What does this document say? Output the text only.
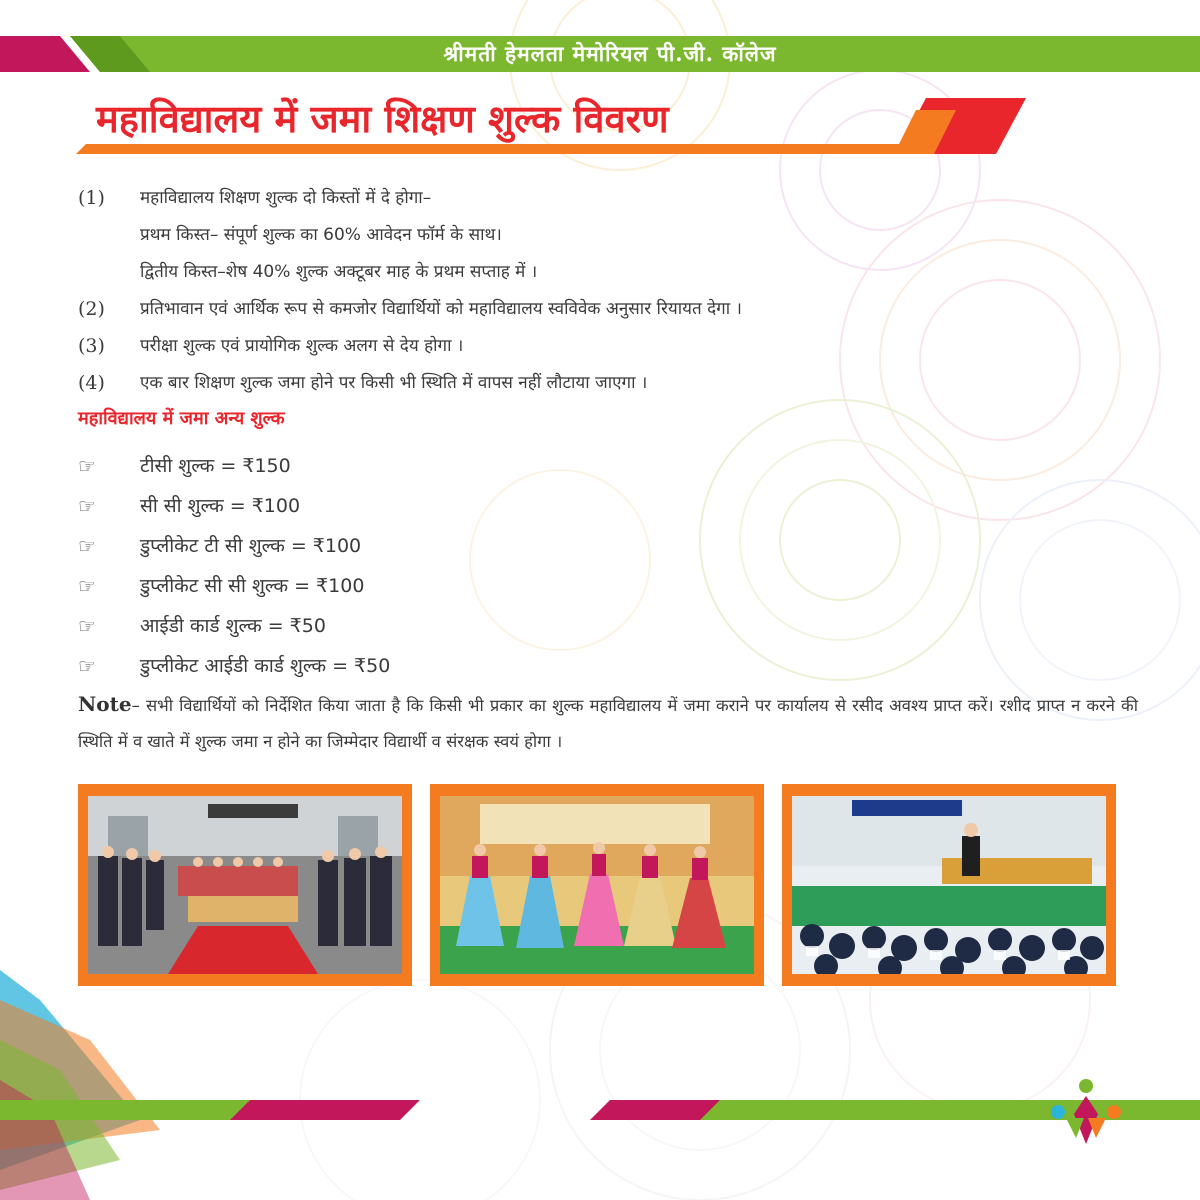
श्रीमती हेमलता मेमोरियल पी.जी. कॉलेज
महाविद्यालय में जमा शिक्षण शुल्क विवरण
(1)	महाविद्यालय शिक्षण शुल्क दो किस्तों में दे होगा–
प्रथम किस्त– संपूर्ण शुल्क का 60% आवेदन फॉर्म के साथ।
द्वितीय किस्त–शेष 40% शुल्क अक्टूबर माह के प्रथम सप्ताह में ।
(2)	प्रतिभावान एवं आर्थिक रूप से कमजोर विद्यार्थियों को महाविद्यालय स्वविवेक अनुसार रियायत देगा ।
(3)	परीक्षा शुल्क एवं प्रायोगिक शुल्क अलग से देय होगा ।
(4)	एक बार शिक्षण शुल्क जमा होने पर किसी भी स्थिति में वापस नहीं लौटाया जाएगा ।
महाविद्यालय में जमा अन्य शुल्क
☞ टीसी शुल्क = ₹150
☞ सी सी शुल्क = ₹100
☞ डुप्लीकेट टी सी शुल्क = ₹100
☞ डुप्लीकेट सी सी शुल्क = ₹100
☞ आईडी कार्ड शुल्क = ₹50
☞ डुप्लीकेट आईडी कार्ड शुल्क = ₹50
Note– सभी विद्यार्थियों को निर्देशित किया जाता है कि किसी भी प्रकार का शुल्क महाविद्यालय में जमा कराने पर कार्यालय से रसीद अवश्य प्राप्त करें। रशीद प्राप्त न करने की स्थिति में व खाते में शुल्क जमा न होने का जिम्मेदार विद्यार्थी व संरक्षक स्वयं होगा ।
